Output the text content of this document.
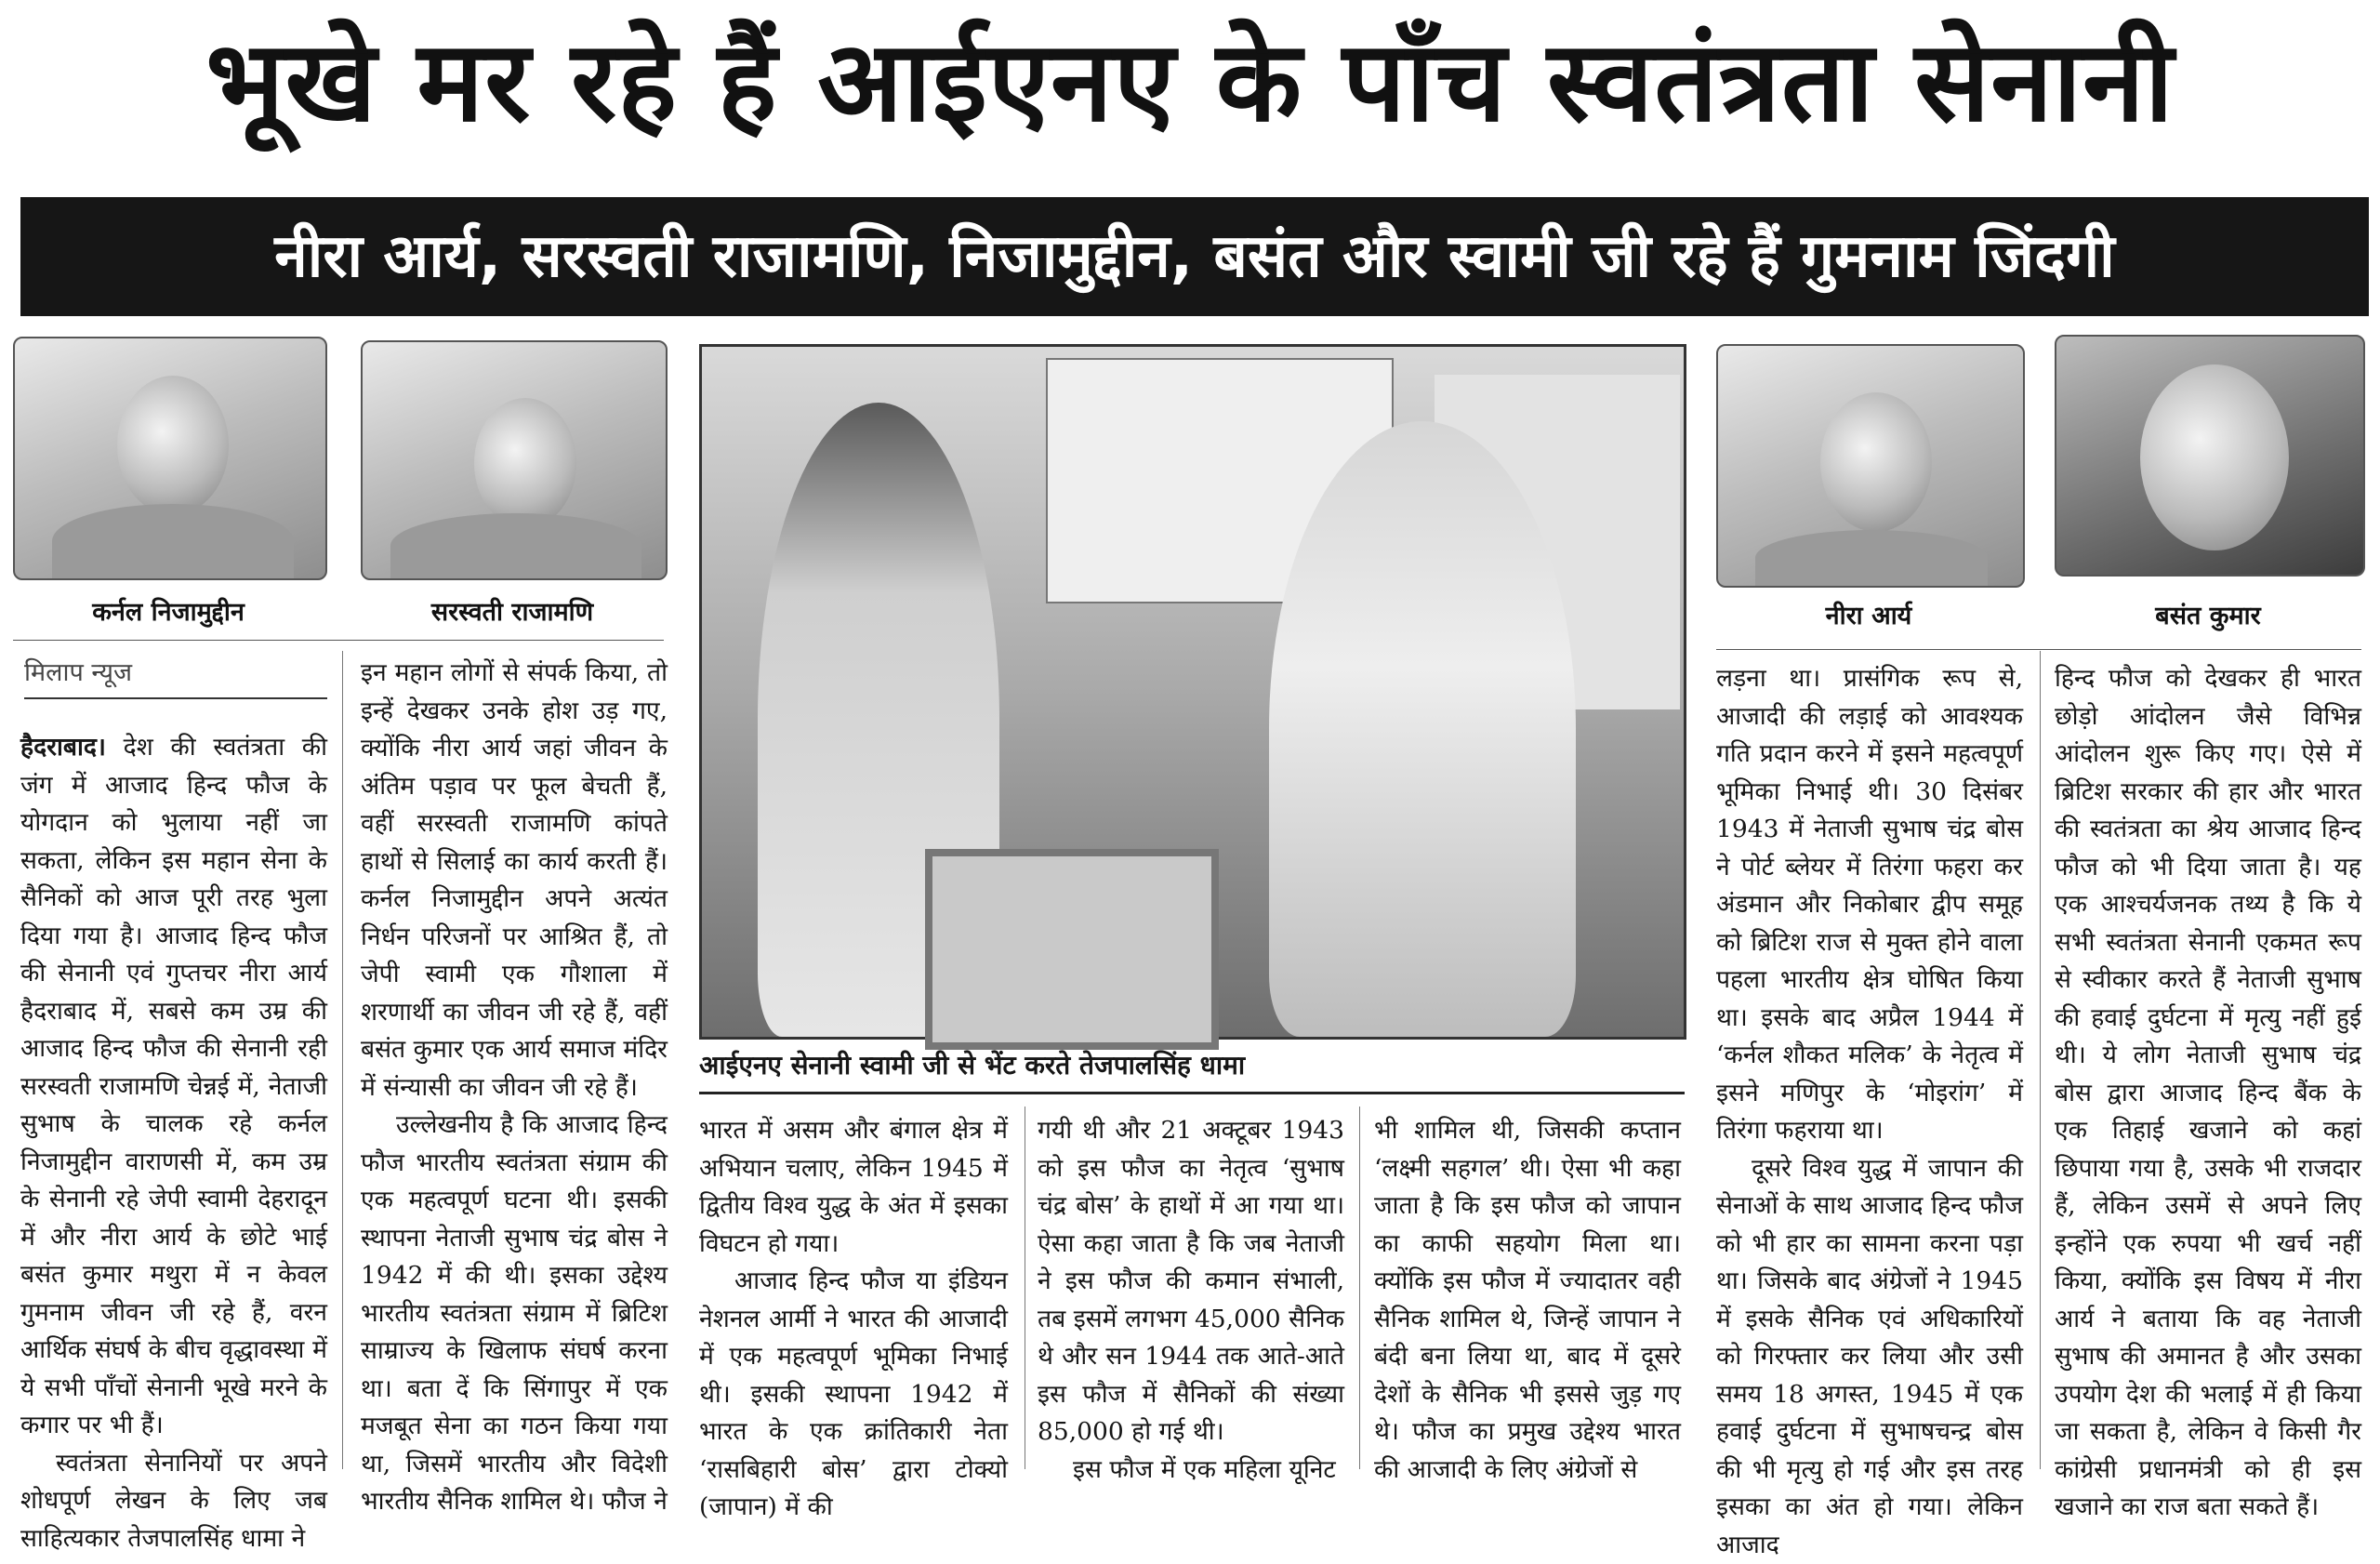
भूखे मर रहे हैं आईएनए के पाँच स्वतंत्रता सेनानी
नीरा आर्य, सरस्वती राजामणि, निजामुद्दीन, बसंत और स्वामी जी रहे हैं गुमनाम जिंदगी
कर्नल निजामुद्दीन	सरस्वती राजामणि
आईएनए सेनानी स्वामी जी से भेंट करते तेजपालसिंह धामा
नीरा आर्य	बसंत कुमार
मिलाप न्यूज

हैदराबाद। देश की स्वतंत्रता की जंग में आजाद हिन्द फौज के योगदान को भुलाया नहीं जा सकता, लेकिन इस महान सेना के सैनिकों को आज पूरी तरह भुला दिया गया है। आजाद हिन्द फौज की सेनानी एवं गुप्तचर नीरा आर्य हैदराबाद में, सबसे कम उम्र की आजाद हिन्द फौज की सेनानी रही सरस्वती राजामणि चेन्नई में, नेताजी सुभाष के चालक रहे कर्नल निजामुद्दीन वाराणसी में, कम उम्र के सेनानी रहे जेपी स्वामी देहरादून में और नीरा आर्य के छोटे भाई बसंत कुमार मथुरा में न केवल गुमनाम जीवन जी रहे हैं, वरन आर्थिक संघर्ष के बीच वृद्धावस्था में ये सभी पाँचों सेनानी भूखे मरने के कगार पर भी हैं।

स्वतंत्रता सेनानियों पर अपने शोधपूर्ण लेखन के लिए जब साहित्यकार तेजपालसिंह धामा ने

इन महान लोगों से संपर्क किया, तो इन्हें देखकर उनके होश उड़ गए, क्योंकि नीरा आर्य जहां जीवन के अंतिम पड़ाव पर फूल बेचती हैं, वहीं सरस्वती राजामणि कांपते हाथों से सिलाई का कार्य करती हैं। कर्नल निजामुद्दीन अपने अत्यंत निर्धन परिजनों पर आश्रित हैं, तो जेपी स्वामी एक गौशाला में शरणार्थी का जीवन जी रहे हैं, वहीं बसंत कुमार एक आर्य समाज मंदिर में संन्यासी का जीवन जी रहे हैं।

उल्लेखनीय है कि आजाद हिन्द फौज भारतीय स्वतंत्रता संग्राम की एक महत्वपूर्ण घटना थी। इसकी स्थापना नेताजी सुभाष चंद्र बोस ने 1942 में की थी। इसका उद्देश्य भारतीय स्वतंत्रता संग्राम में ब्रिटिश साम्राज्य के खिलाफ संघर्ष करना था। बता दें कि सिंगापुर में एक मजबूत सेना का गठन किया गया था, जिसमें भारतीय और विदेशी भारतीय सैनिक शामिल थे। फौज ने

भारत में असम और बंगाल क्षेत्र में अभियान चलाए, लेकिन 1945 में द्वितीय विश्व युद्ध के अंत में इसका विघटन हो गया।

आजाद हिन्द फौज या इंडियन नेशनल आर्मी ने भारत की आजादी में एक महत्वपूर्ण भूमिका निभाई थी। इसकी स्थापना 1942 में भारत के एक क्रांतिकारी नेता ‘रासबिहारी बोस’ द्वारा टोक्यो (जापान) में की

गयी थी और 21 अक्टूबर 1943 को इस फौज का नेतृत्व ‘सुभाष चंद्र बोस’ के हाथों में आ गया था। ऐसा कहा जाता है कि जब नेताजी ने इस फौज की कमान संभाली, तब इसमें लगभग 45,000 सैनिक थे और सन 1944 तक आते-आते इस फौज में सैनिकों की संख्या 85,000 हो गई थी।

इस फौज में एक महिला यूनिट

भी शामिल थी, जिसकी कप्तान ‘लक्ष्मी सहगल’ थी। ऐसा भी कहा जाता है कि इस फौज को जापान का काफी सहयोग मिला था। क्योंकि इस फौज में ज्यादातर वही सैनिक शामिल थे, जिन्हें जापान ने बंदी बना लिया था, बाद में दूसरे देशों के सैनिक भी इससे जुड़ गए थे। फौज का प्रमुख उद्देश्य भारत की आजादी के लिए अंग्रेजों से

लड़ना था। प्रासंगिक रूप से, आजादी की लड़ाई को आवश्यक गति प्रदान करने में इसने महत्वपूर्ण भूमिका निभाई थी। 30 दिसंबर 1943 में नेताजी सुभाष चंद्र बोस ने पोर्ट ब्लेयर में तिरंगा फहरा कर अंडमान और निकोबार द्वीप समूह को ब्रिटिश राज से मुक्त होने वाला पहला भारतीय क्षेत्र घोषित किया था। इसके बाद अप्रैल 1944 में ‘कर्नल शौकत मलिक’ के नेतृत्व में इसने मणिपुर के ‘मोइरांग’ में तिरंगा फहराया था।

दूसरे विश्व युद्ध में जापान की सेनाओं के साथ आजाद हिन्द फौज को भी हार का सामना करना पड़ा था। जिसके बाद अंग्रेजों ने 1945 में इसके सैनिक एवं अधिकारियों को गिरफ्तार कर लिया और उसी समय 18 अगस्त, 1945 में एक हवाई दुर्घटना में सुभाषचन्द्र बोस की भी मृत्यु हो गई और इस तरह इसका का अंत हो गया। लेकिन आजाद

हिन्द फौज को देखकर ही भारत छोड़ो आंदोलन जैसे विभिन्न आंदोलन शुरू किए गए। ऐसे में ब्रिटिश सरकार की हार और भारत की स्वतंत्रता का श्रेय आजाद हिन्द फौज को भी दिया जाता है। यह एक आश्चर्यजनक तथ्य है कि ये सभी स्वतंत्रता सेनानी एकमत रूप से स्वीकार करते हैं नेताजी सुभाष की हवाई दुर्घटना में मृत्यु नहीं हुई थी। ये लोग नेताजी सुभाष चंद्र बोस द्वारा आजाद हिन्द बैंक के एक तिहाई खजाने को कहां छिपाया गया है, उसके भी राजदार हैं, लेकिन उसमें से अपने लिए इन्होंने एक रुपया भी खर्च नहीं किया, क्योंकि इस विषय में नीरा आर्य ने बताया कि वह नेताजी सुभाष की अमानत है और उसका उपयोग देश की भलाई में ही किया जा सकता है, लेकिन वे किसी गैर कांग्रेसी प्रधानमंत्री को ही इस खजाने का राज बता सकते हैं।
